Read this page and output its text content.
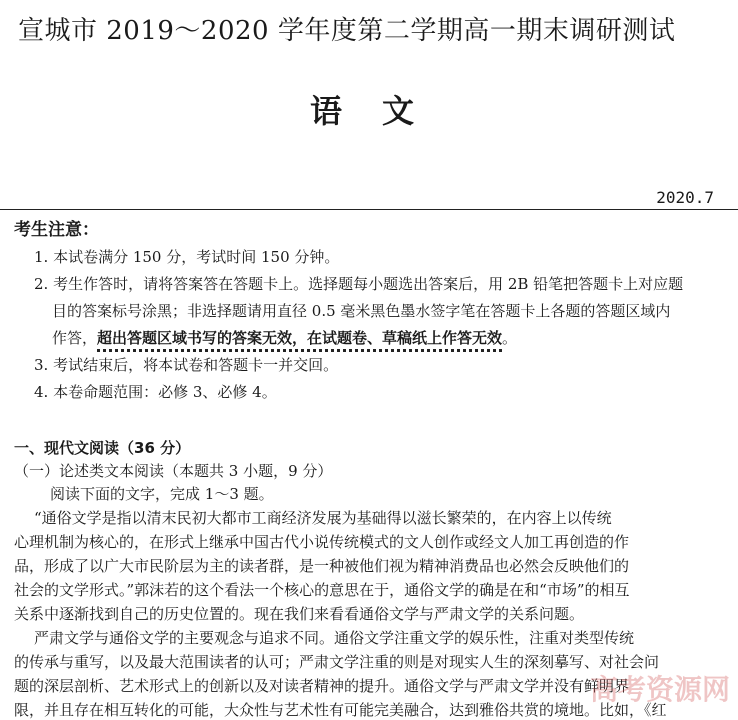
宣城市 2019～2020 学年度第二学期高一期末调研测试
语文
2020.7
考生注意：
1. 本试卷满分 150 分，考试时间 150 分钟。
2. 考生作答时，请将答案答在答题卡上。选择题每小题选出答案后，用 2B 铅笔把答题卡上对应题
目的答案标号涂黑；非选择题请用直径 0.5 毫米黑色墨水签字笔在答题卡上各题的答题区域内
作答，超出答题区域书写的答案无效，在试题卷、草稿纸上作答无效。
3. 考试结束后，将本试卷和答题卡一并交回。
4. 本卷命题范围：必修 3、必修 4。
一、现代文阅读（36 分）
（一）论述类文本阅读（本题共 3 小题，9 分）
阅读下面的文字，完成 1～3 题。
“通俗文学是指以清末民初大都市工商经济发展为基础得以滋长繁荣的，在内容上以传统
心理机制为核心的，在形式上继承中国古代小说传统模式的文人创作或经文人加工再创造的作
品，形成了以广大市民阶层为主的读者群，是一种被他们视为精神消费品也必然会反映他们的
社会的文学形式。”郭沫若的这个看法一个核心的意思在于，通俗文学的确是在和“市场”的相互
关系中逐渐找到自己的历史位置的。现在我们来看看通俗文学与严肃文学的关系问题。
严肃文学与通俗文学的主要观念与追求不同。通俗文学注重文学的娱乐性，注重对类型传统
的传承与重写，以及最大范围读者的认可；严肃文学注重的则是对现实人生的深刻摹写、对社会问
题的深层剖析、艺术形式上的创新以及对读者精神的提升。通俗文学与严肃文学并没有鲜明界
限，并且存在相互转化的可能，大众性与艺术性有可能完美融合，达到雅俗共赏的境地。比如，《红
高考资源网
